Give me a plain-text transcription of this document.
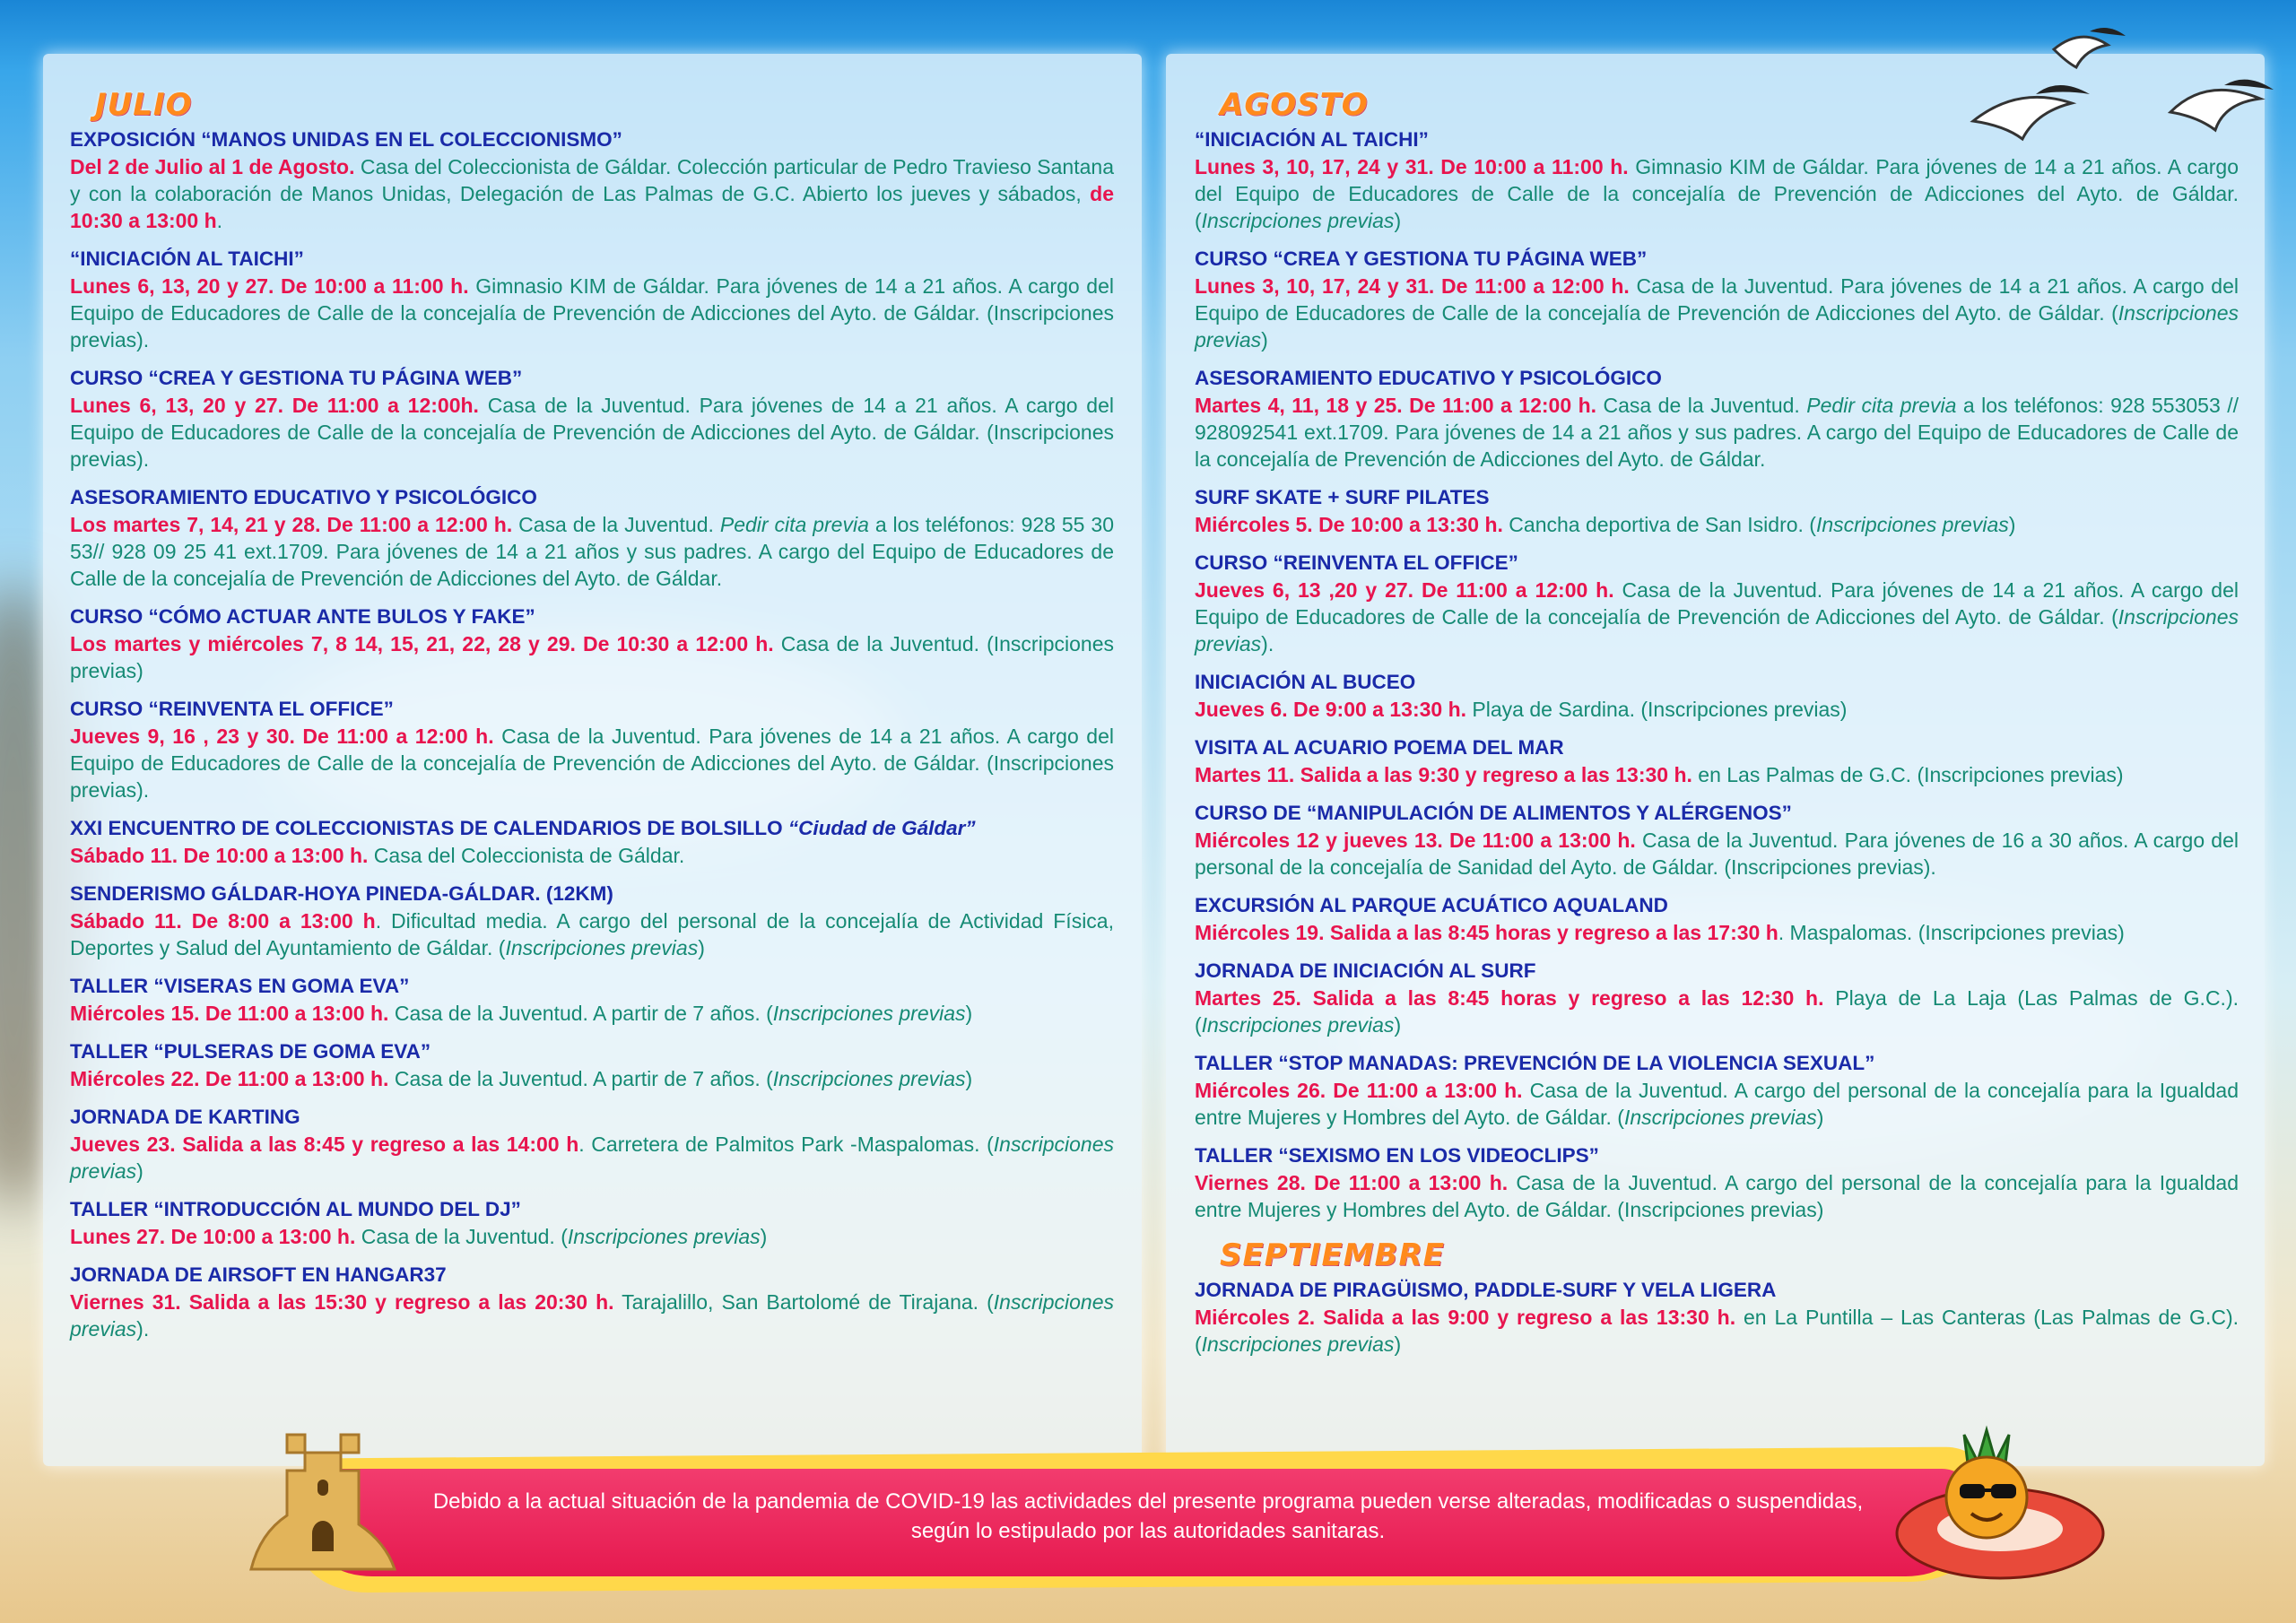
JULIO
EXPOSICIÓN “MANOS UNIDAS EN EL COLECCIONISMO”
Del 2 de Julio al 1 de Agosto. Casa del Coleccionista de Gáldar. Colección particular de Pedro Travieso Santana y con la colaboración de Manos Unidas, Delegación de Las Palmas de G.C. Abierto los jueves y sábados, de 10:30 a 13:00 h.
“INICIACIÓN AL TAICHI”
Lunes 6, 13, 20 y 27. De 10:00 a 11:00 h. Gimnasio KIM de Gáldar. Para jóvenes de 14 a 21 años. A cargo del Equipo de Educadores de Calle de la concejalía de Prevención de Adicciones del Ayto. de Gáldar. (Inscripciones previas).
CURSO “CREA Y GESTIONA TU PÁGINA WEB”
Lunes 6, 13, 20 y 27. De 11:00 a 12:00h. Casa de la Juventud. Para jóvenes de 14 a 21 años. A cargo del Equipo de Educadores de Calle de la concejalía de Prevención de Adicciones del Ayto. de Gáldar. (Inscripciones previas).
ASESORAMIENTO EDUCATIVO Y PSICOLÓGICO
Los martes 7, 14, 21 y 28. De 11:00 a 12:00 h. Casa de la Juventud. Pedir cita previa a los teléfonos: 928 55 30 53// 928 09 25 41 ext.1709. Para jóvenes de 14 a 21 años y sus padres. A cargo del Equipo de Educadores de Calle de la concejalía de Prevención de Adicciones del Ayto. de Gáldar.
CURSO “CÓMO ACTUAR ANTE BULOS Y FAKE”
Los martes y miércoles 7, 8 14, 15, 21, 22, 28 y 29. De 10:30 a 12:00 h. Casa de la Juventud. (Inscripciones previas)
CURSO “REINVENTA EL OFFICE”
Jueves 9, 16 , 23 y 30. De 11:00 a 12:00 h. Casa de la Juventud. Para jóvenes de 14 a 21 años. A cargo del Equipo de Educadores de Calle de la concejalía de Prevención de Adicciones del Ayto. de Gáldar. (Inscripciones previas).
XXI ENCUENTRO DE COLECCIONISTAS DE CALENDARIOS DE BOLSILLO “Ciudad de Gáldar”
Sábado 11. De 10:00 a 13:00 h. Casa del Coleccionista de Gáldar.
SENDERISMO GÁLDAR-HOYA PINEDA-GÁLDAR. (12KM)
Sábado 11. De 8:00 a 13:00 h. Dificultad media. A cargo del personal de la concejalía de Actividad Física, Deportes y Salud del Ayuntamiento de Gáldar. (Inscripciones previas)
TALLER “VISERAS EN GOMA EVA”
Miércoles 15. De 11:00 a 13:00 h. Casa de la Juventud. A partir de 7 años. (Inscripciones previas)
TALLER “PULSERAS DE GOMA EVA”
Miércoles 22. De 11:00 a 13:00 h. Casa de la Juventud. A partir de 7 años. (Inscripciones previas)
JORNADA DE KARTING
Jueves 23. Salida a las 8:45 y regreso a las 14:00 h. Carretera de Palmitos Park -Maspalomas. (Inscripciones previas)
TALLER “INTRODUCCIÓN AL MUNDO DEL DJ”
Lunes 27. De 10:00 a 13:00 h. Casa de la Juventud. (Inscripciones previas)
JORNADA DE AIRSOFT EN HANGAR37
Viernes 31. Salida a las 15:30 y regreso a las 20:30 h. Tarajalillo, San Bartolomé de Tirajana. (Inscripciones previas).
AGOSTO
“INICIACIÓN AL TAICHI”
Lunes 3, 10, 17, 24 y 31. De 10:00 a 11:00 h. Gimnasio KIM de Gáldar. Para jóvenes de 14 a 21 años. A cargo del Equipo de Educadores de Calle de la concejalía de Prevención de Adicciones del Ayto. de Gáldar. (Inscripciones previas)
CURSO “CREA Y GESTIONA TU PÁGINA WEB”
Lunes 3, 10, 17, 24 y 31. De 11:00 a 12:00 h. Casa de la Juventud. Para jóvenes de 14 a 21 años. A cargo del Equipo de Educadores de Calle de la concejalía de Prevención de Adicciones del Ayto. de Gáldar. (Inscripciones previas)
ASESORAMIENTO EDUCATIVO Y PSICOLÓGICO
Martes 4, 11, 18 y 25. De 11:00 a 12:00 h. Casa de la Juventud. Pedir cita previa a los teléfonos: 928 553053 // 928092541 ext.1709. Para jóvenes de 14 a 21 años y sus padres. A cargo del Equipo de Educadores de Calle de la concejalía de Prevención de Adicciones del Ayto. de Gáldar.
SURF SKATE + SURF PILATES
Miércoles 5. De 10:00 a 13:30 h. Cancha deportiva de San Isidro. (Inscripciones previas)
CURSO “REINVENTA EL OFFICE”
Jueves 6, 13 ,20 y 27. De 11:00 a 12:00 h. Casa de la Juventud. Para jóvenes de 14 a 21 años. A cargo del Equipo de Educadores de Calle de la concejalía de Prevención de Adicciones del Ayto. de Gáldar. (Inscripciones previas).
INICIACIÓN AL BUCEO
Jueves 6. De 9:00 a 13:30 h. Playa de Sardina. (Inscripciones previas)
VISITA AL ACUARIO POEMA DEL MAR
Martes 11. Salida a las 9:30 y regreso a las 13:30 h. en Las Palmas de G.C. (Inscripciones previas)
CURSO DE “MANIPULACIÓN DE ALIMENTOS Y ALÉRGENOS”
Miércoles 12 y jueves 13. De 11:00 a 13:00 h. Casa de la Juventud. Para jóvenes de 16 a 30 años. A cargo del personal de la concejalía de Sanidad del Ayto. de Gáldar. (Inscripciones previas).
EXCURSIÓN AL PARQUE ACUÁTICO AQUALAND
Miércoles 19. Salida a las 8:45 horas y regreso a las 17:30 h. Maspalomas. (Inscripciones previas)
JORNADA DE INICIACIÓN AL SURF
Martes 25. Salida a las 8:45 horas y regreso a las 12:30 h. Playa de La Laja (Las Palmas de G.C.). (Inscripciones previas)
TALLER “STOP MANADAS: PREVENCIÓN DE LA VIOLENCIA SEXUAL”
Miércoles 26. De 11:00 a 13:00 h. Casa de la Juventud. A cargo del personal de la concejalía para la Igualdad entre Mujeres y Hombres del Ayto. de Gáldar. (Inscripciones previas)
TALLER “SEXISMO EN LOS VIDEOCLIPS”
Viernes 28. De 11:00 a 13:00 h. Casa de la Juventud. A cargo del personal de la concejalía para la Igualdad entre Mujeres y Hombres del Ayto. de Gáldar. (Inscripciones previas)
SEPTIEMBRE
JORNADA DE PIRAGÜISMO, PADDLE-SURF Y VELA LIGERA
Miércoles 2. Salida a las 9:00 y regreso a las 13:30 h. en La Puntilla – Las Canteras (Las Palmas de G.C). (Inscripciones previas)
Debido a la actual situación de la pandemia de COVID-19 las actividades del presente programa pueden verse alteradas, modificadas o suspendidas, según lo estipulado por las autoridades sanitaras.
